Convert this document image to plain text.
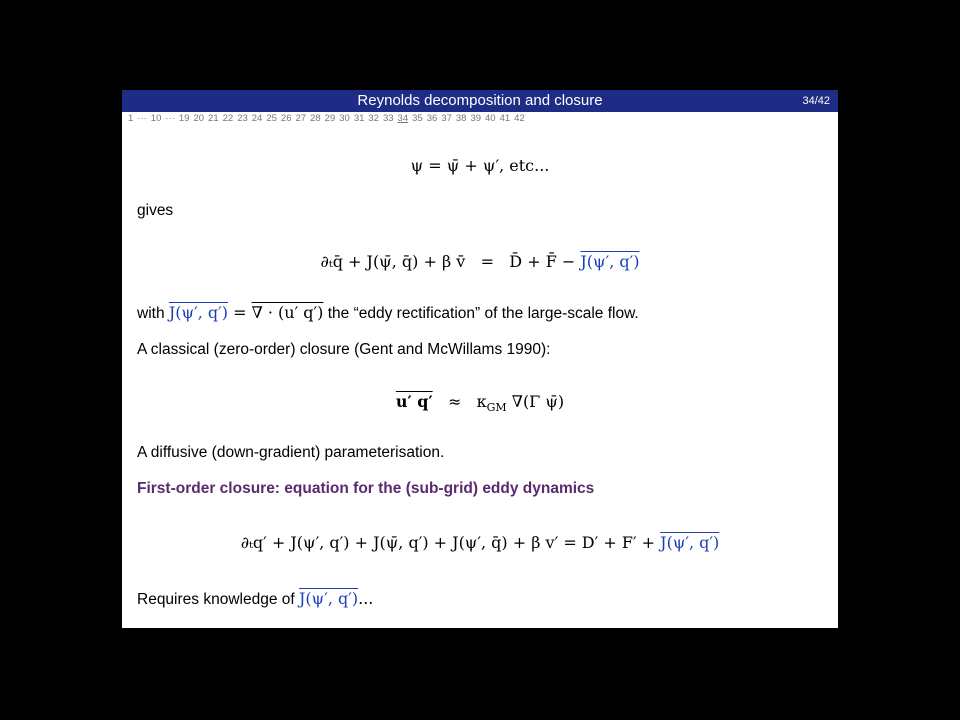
Reynolds decomposition and closure	34/42
1 ··· 10 ··· 19 20 21 22 23 24 25 26 27 28 29 30 31 32 33 34 35 36 37 38 39 40 41 42
ψ = ψ̄ + ψ′, etc...
gives
∂ₜq̄ + J(ψ̄, q̄) + β v̄ = D̄ + F̄ − J(ψ′, q′)
with J(ψ′, q′) = ∇ · (u′ q′) the “eddy rectification” of the large-scale flow.
A classical (zero-order) closure (Gent and McWillams 1990):
u′ $q' \approx \kappa_{GM}$ ∇(Γ ψ̄)
A diffusive (down-gradient) parameterisation.
First-order closure: equation for the (sub-grid) eddy dynamics
∂ₜq′ + J(ψ′, q′) + J(ψ̄, q′) + J(ψ′, q̄) + β v′ = D′ + F′ + J(ψ′, q′)
Requires knowledge of J(ψ′, q′)...
